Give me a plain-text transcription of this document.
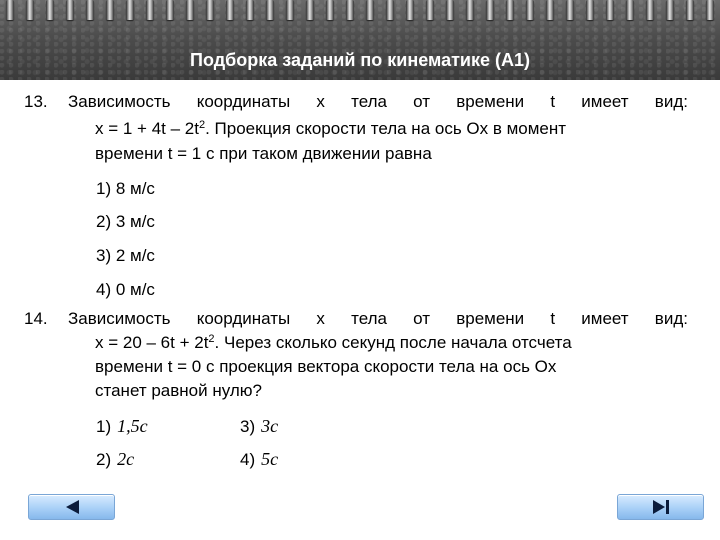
Подборка заданий по кинематике (А1)
13. Зависимость координаты х тела от времени t имеет вид:
$х = 1 + 4t - 2t^2$. Проекция скорости тела на ось Оx в момент
времени t = 1 с при таком движении равна
1) 8 м/с
2) 3 м/с
3) 2 м/с
4) 0 м/с
14. Зависимость координаты х тела от времени t имеет вид:
$х = 20 - 6t + 2t^2$. Через сколько секунд после начала отсчета
времени t = 0 с проекция вектора скорости тела на ось Оx
станет равной нулю?
1) 1,5с	3) 3с
2) 2с	4) 5с
